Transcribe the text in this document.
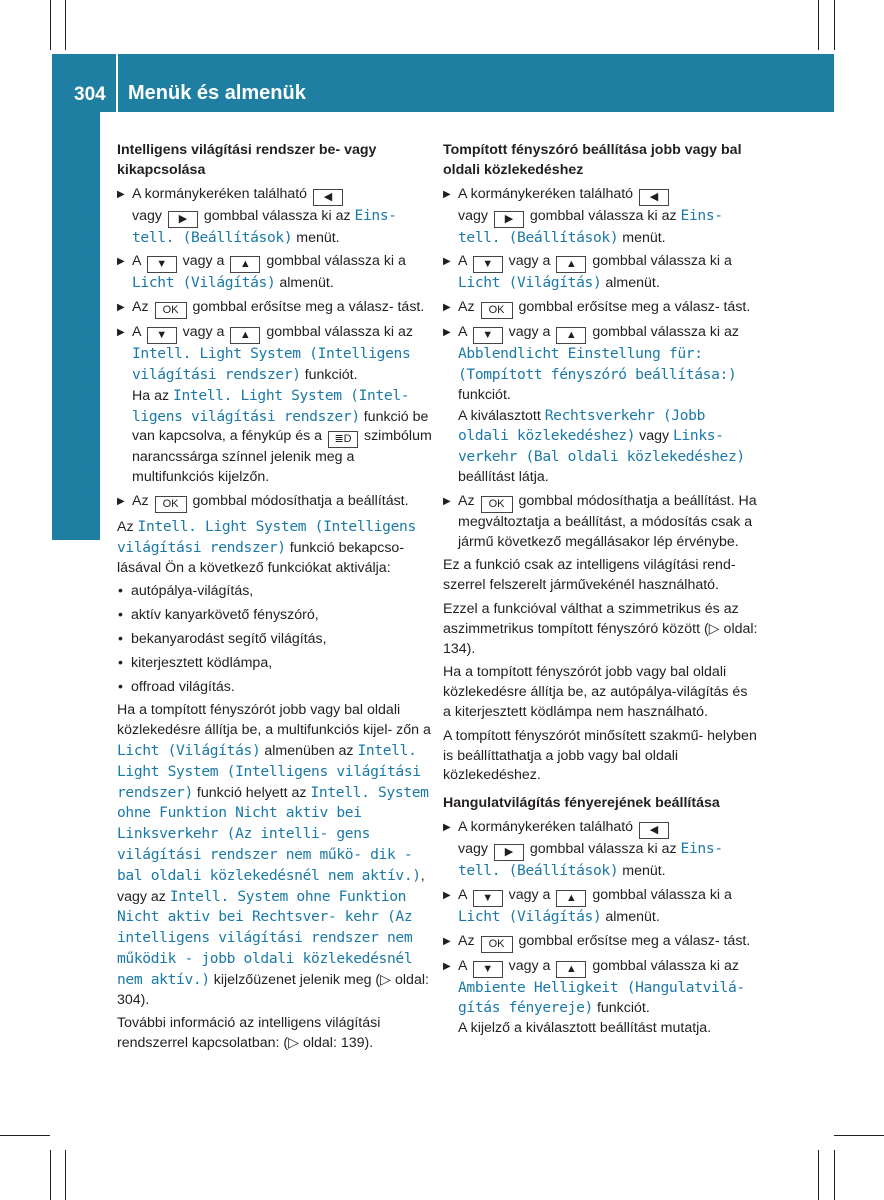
304 Menük és almenük
Fedélzeti számítógép és kijelzők
Intelligens világítási rendszer be- vagy kikapcsolása
▶ A kormánykeréken található ◀
vagy ▶ gombbal válassza ki az Eins‐ tell. (Beállítások) menüt.
▶ A ▼ vagy a ▲ gombbal válassza ki a Licht (Világítás) almenüt.
▶ Az OK gombbal erősítse meg a válasz‐ tást.
▶ A ▼ vagy a ▲ gombbal válassza ki az Intell. Light System (Intelligens világítási rendszer) funkciót.
Ha az Intell. Light System (Intel‐ ligens világítási rendszer) funkció be van kapcsolva, a fénykúp és a ≣D szimbólum narancssárga színnel jelenik meg a multifunkciós kijelzőn.
▶ Az OK gombbal módosíthatja a beállítást.

Az Intell. Light System (Intelligens világítási rendszer) funkció bekapcso‐ lásával Ön a következő funkciókat aktiválja:

• autópálya-világítás,
• aktív kanyarkövető fényszóró,
• bekanyarodást segítő világítás,
• kiterjesztett ködlámpa,
• offroad világítás.

Ha a tompított fényszórót jobb vagy bal oldali közlekedésre állítja be, a multifunkciós kijel‐ zőn a Licht (Világítás) almenüben az Intell. Light System (Intelligens világítási rendszer) funkció helyett az Intell. System ohne Funktion Nicht aktiv bei Linksverkehr (Az intelli‐ gens világítási rendszer nem műkö‐ dik - bal oldali közlekedésnél nem aktív.), vagy az Intell. System ohne Funktion Nicht aktiv bei Rechtsver‐ kehr (Az intelligens világítási rendszer nem működik - jobb oldali közlekedésnél nem aktív.) kijelzőüzenet jelenik meg (▷ oldal: 304).

További információ az intelligens világítási rendszerrel kapcsolatban: (▷ oldal: 139).

Tompított fényszóró beállítása jobb vagy bal oldali közlekedéshez
▶ A kormánykeréken található ◀
vagy ▶ gombbal válassza ki az Eins‐ tell. (Beállítások) menüt.
▶ A ▼ vagy a ▲ gombbal válassza ki a Licht (Világítás) almenüt.
▶ Az OK gombbal erősítse meg a válasz‐ tást.
▶ A ▼ vagy a ▲ gombbal válassza ki az Abblendlicht Einstellung für: (Tompított fényszóró beállítása:) funkciót.
A kiválasztott Rechtsverkehr (Jobb oldali közlekedéshez) vagy Links‐ verkehr (Bal oldali közlekedéshez) beállítást látja.
▶ Az OK gombbal módosíthatja a beállítást. Ha megváltoztatja a beállítást, a módosítás csak a jármű következő megállásakor lép érvénybe.

Ez a funkció csak az intelligens világítási rend‐ szerrel felszerelt járművekénél használható.

Ezzel a funkcióval válthat a szimmetrikus és az aszimmetrikus tompított fényszóró között (▷ oldal: 134).

Ha a tompított fényszórót jobb vagy bal oldali közlekedésre állítja be, az autópálya-világítás és a kiterjesztett ködlámpa nem használható.

A tompított fényszórót minősített szakmű‐ helyben is beállíttathatja a jobb vagy bal oldali közlekedéshez.

Hangulatvilágítás fényerejének beállítása
▶ A kormánykeréken található ◀
vagy ▶ gombbal válassza ki az Eins‐ tell. (Beállítások) menüt.
▶ A ▼ vagy a ▲ gombbal válassza ki a Licht (Világítás) almenüt.
▶ Az OK gombbal erősítse meg a válasz‐ tást.
▶ A ▼ vagy a ▲ gombbal válassza ki az Ambiente Helligkeit (Hangulatvilá‐ gítás fényereje) funkciót.
A kijelző a kiválasztott beállítást mutatja.
